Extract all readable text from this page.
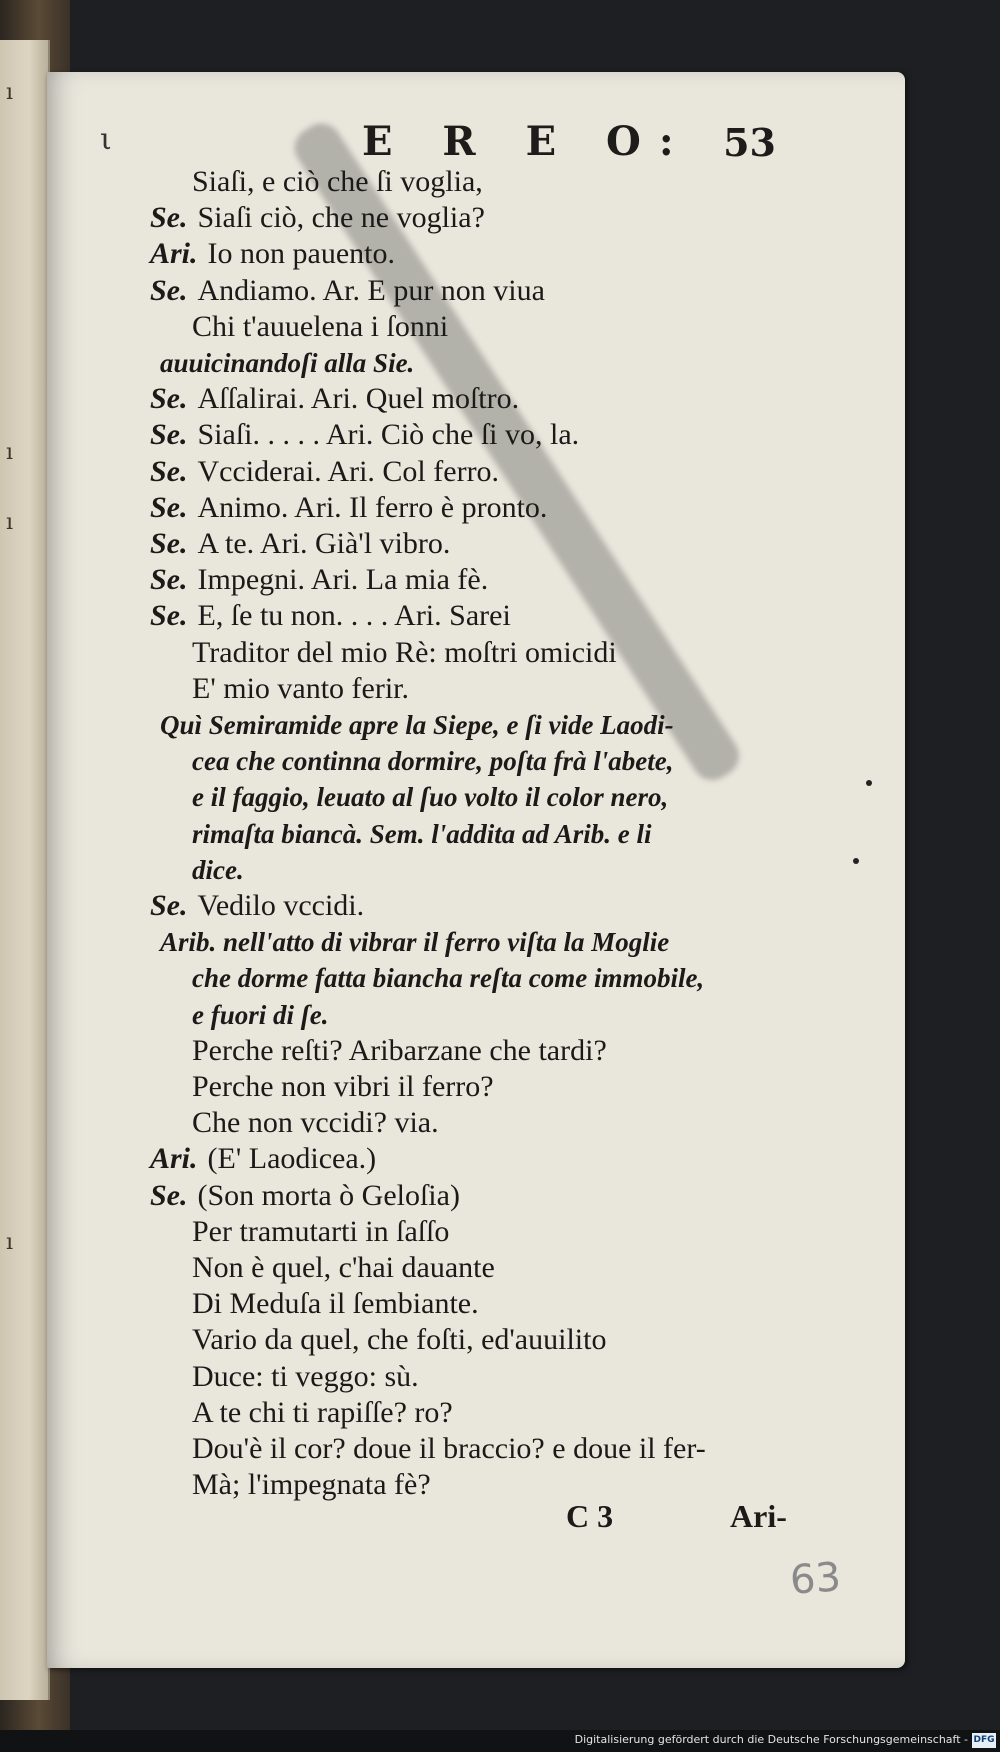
ı
ı
ı
ı
ι	E R E O: 53
Siaſi, e ciò che ſi voglia,
Se. Siaſi ciò, che ne voglia?
Ari. Io non pauento.
Se. Andiamo. Ar. E pur non viua
Chi t'auuelena i ſonni
auuicinandoſi alla Sie.
Se. Aſſalirai. Ari. Quel moſtro.
Se. Siaſi. . . . . Ari. Ciò che ſi vo, la.
Se. Vcciderai. Ari. Col ferro.
Se. Animo. Ari. Il ferro è pronto.
Se. A te. Ari. Già'l vibro.
Se. Impegni. Ari. La mia fè.
Se. E, ſe tu non. . . . Ari. Sarei
Traditor del mio Rè: moſtri omicidi
E' mio vanto ferir.
Quì Semiramide apre la Siepe, e ſi vide Laodi-
cea che continna dormire, poſta frà l'abete,
e il faggio, leuato al ſuo volto il color nero,
rimaſta biancà. Sem. l'addita ad Arib. e li
dice.
Se. Vedilo vccidi.
Arib. nell'atto di vibrar il ferro viſta la Moglie
che dorme fatta biancha reſta come immobile,
e fuori di ſe.
Perche reſti? Aribarzane che tardi?
Perche non vibri il ferro?
Che non vccidi? via.
Ari. (E' Laodicea.)
Se. (Son morta ò Geloſia)
Per tramutarti in ſaſſo
Non è quel, c'hai dauante
Di Meduſa il ſembiante.
Vario da quel, che foſti, ed'auuilito
Duce: ti veggo: sù.
A te chi ti rapiſſe? ro?
Dou'è il cor? doue il braccio? e doue il fer-
Mà; l'impegnata fè?
C 3	Ari-
63
Digitalisierung gefördert durch die Deutsche Forschungsgemeinschaft - DFG
